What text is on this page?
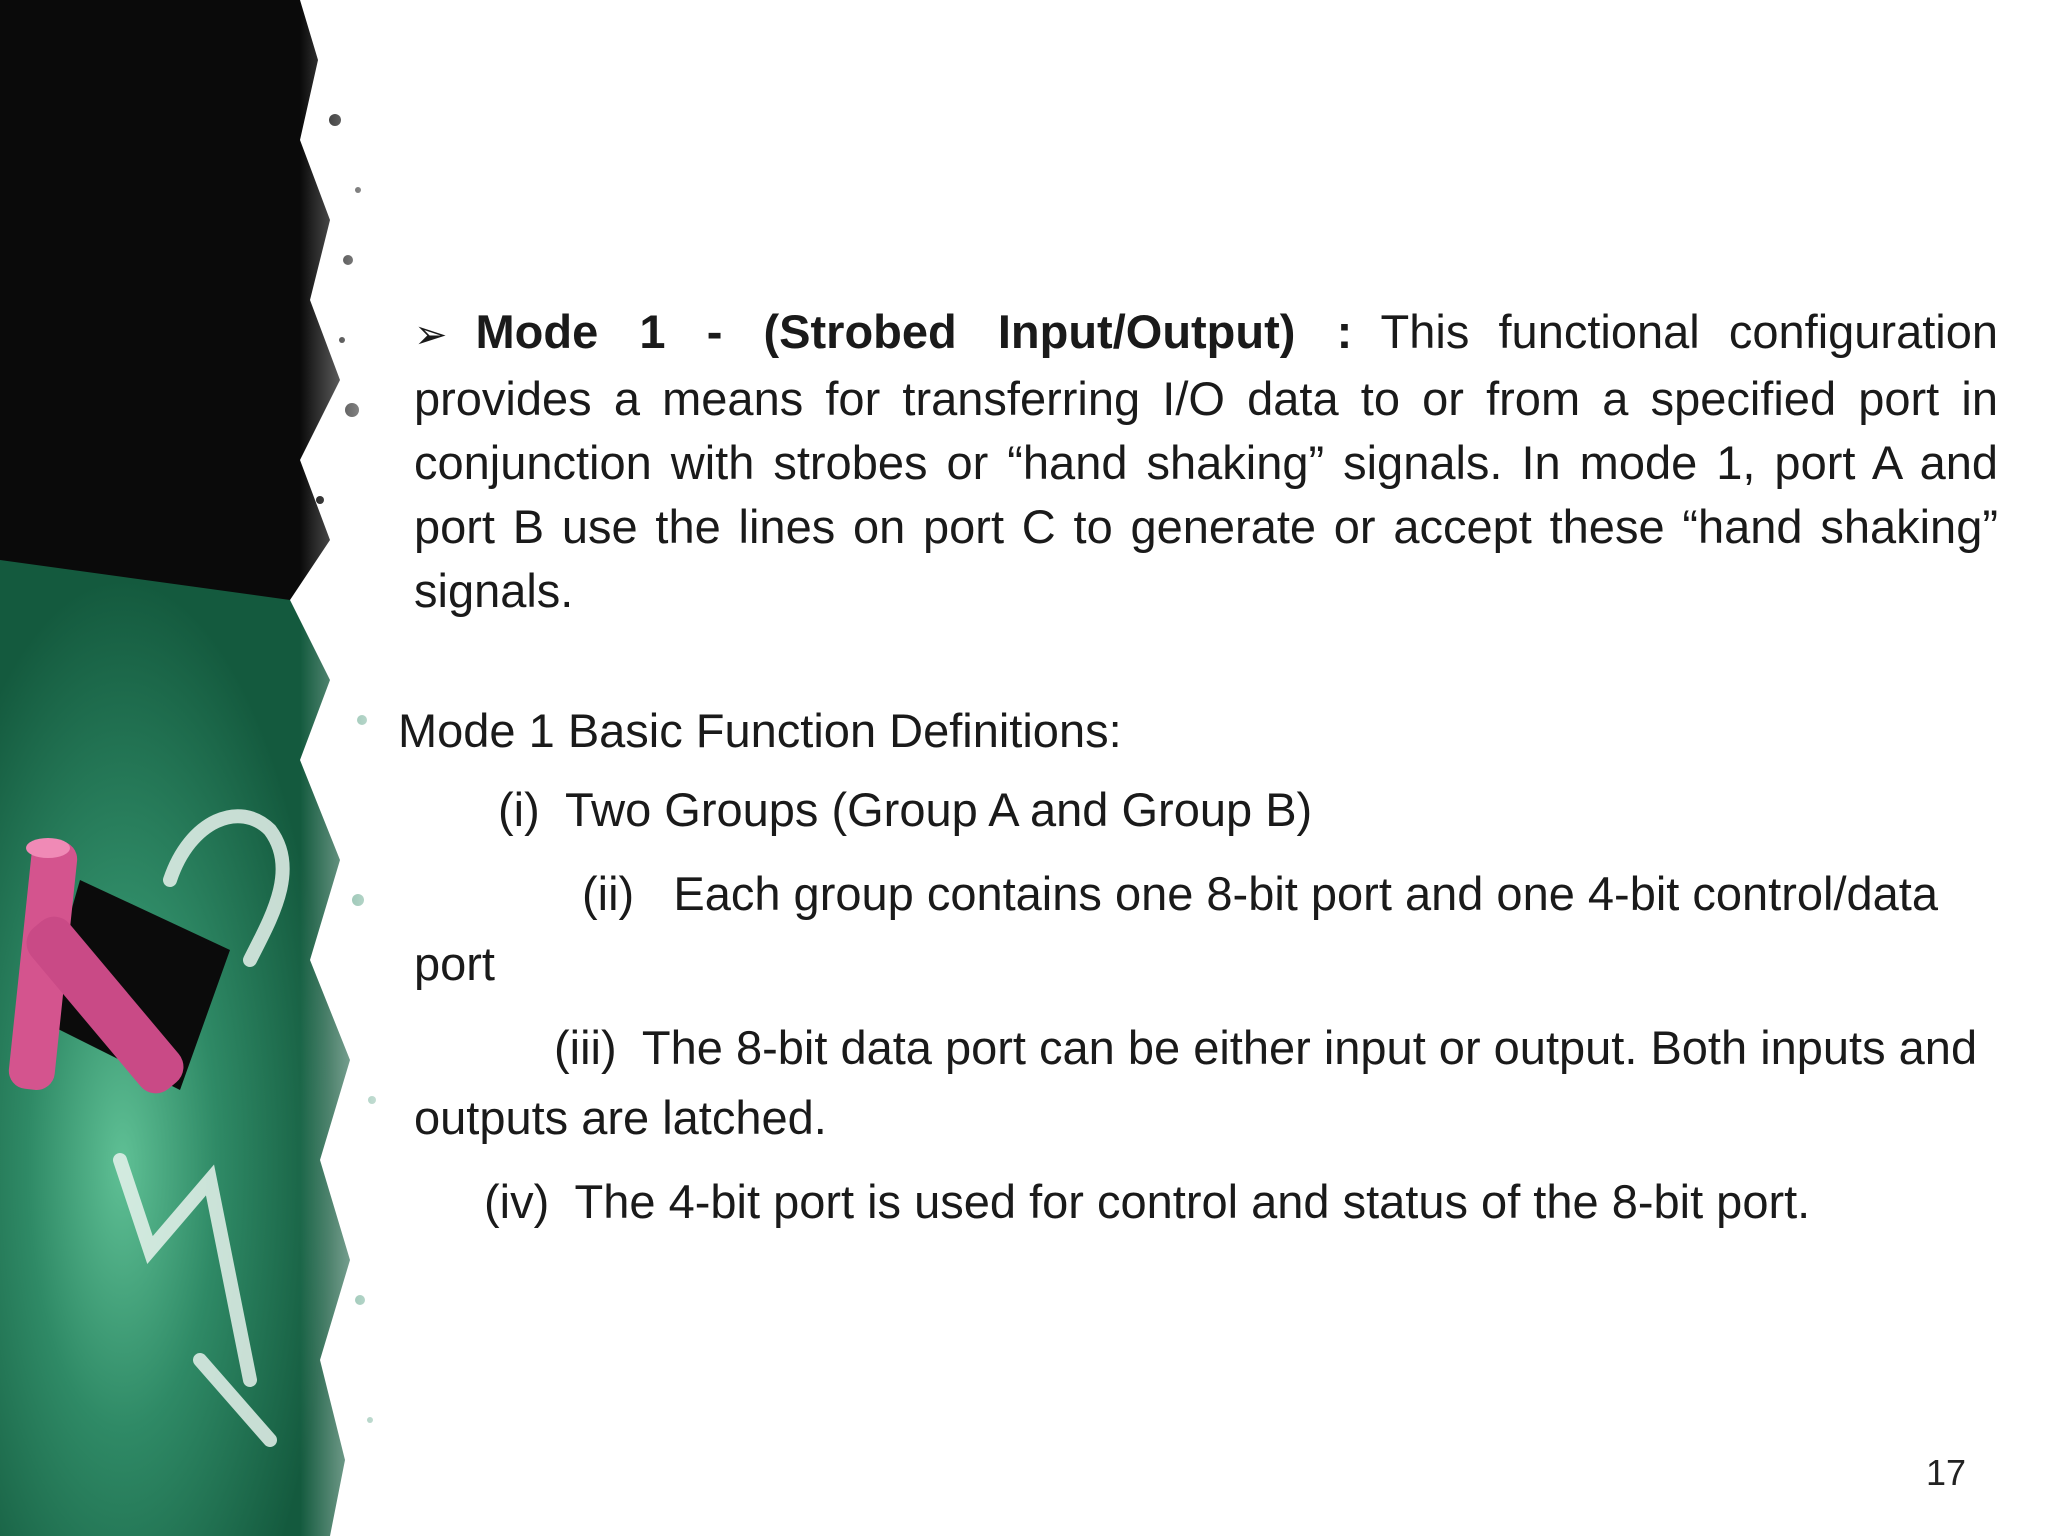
➢ Mode 1 - (Strobed Input/Output) : This functional configuration provides a means for transferring I/O data to or from a specified port in conjunction with strobes or “hand shaking” signals. In mode 1, port A and port B use the lines on port C to generate or accept these “hand shaking” signals.

Mode 1 Basic Function Definitions:
(i) Two Groups (Group A and Group B)
(ii) Each group contains one 8-bit port and one 4-bit control/data port
(iii) The 8-bit data port can be either input or output. Both inputs and outputs are latched.
(iv) The 4-bit port is used for control and status of the 8-bit port.
17
